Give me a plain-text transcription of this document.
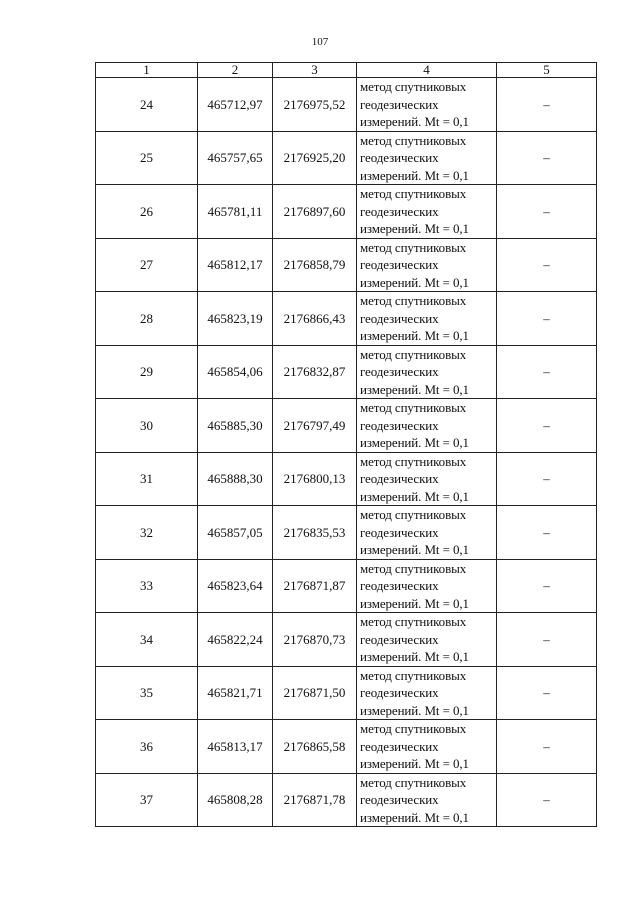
107
1	2	3	4	5
24	465712,97	2176975,52	метод спутниковых
геодезических
измерений. Mt = 0,1	–
25	465757,65	2176925,20	метод спутниковых
геодезических
измерений. Mt = 0,1	–
26	465781,11	2176897,60	метод спутниковых
геодезических
измерений. Mt = 0,1	–
27	465812,17	2176858,79	метод спутниковых
геодезических
измерений. Mt = 0,1	–
28	465823,19	2176866,43	метод спутниковых
геодезических
измерений. Mt = 0,1	–
29	465854,06	2176832,87	метод спутниковых
геодезических
измерений. Mt = 0,1	–
30	465885,30	2176797,49	метод спутниковых
геодезических
измерений. Mt = 0,1	–
31	465888,30	2176800,13	метод спутниковых
геодезических
измерений. Mt = 0,1	–
32	465857,05	2176835,53	метод спутниковых
геодезических
измерений. Mt = 0,1	–
33	465823,64	2176871,87	метод спутниковых
геодезических
измерений. Mt = 0,1	–
34	465822,24	2176870,73	метод спутниковых
геодезических
измерений. Mt = 0,1	–
35	465821,71	2176871,50	метод спутниковых
геодезических
измерений. Mt = 0,1	–
36	465813,17	2176865,58	метод спутниковых
геодезических
измерений. Mt = 0,1	–
37	465808,28	2176871,78	метод спутниковых
геодезических
измерений. Mt = 0,1	–
